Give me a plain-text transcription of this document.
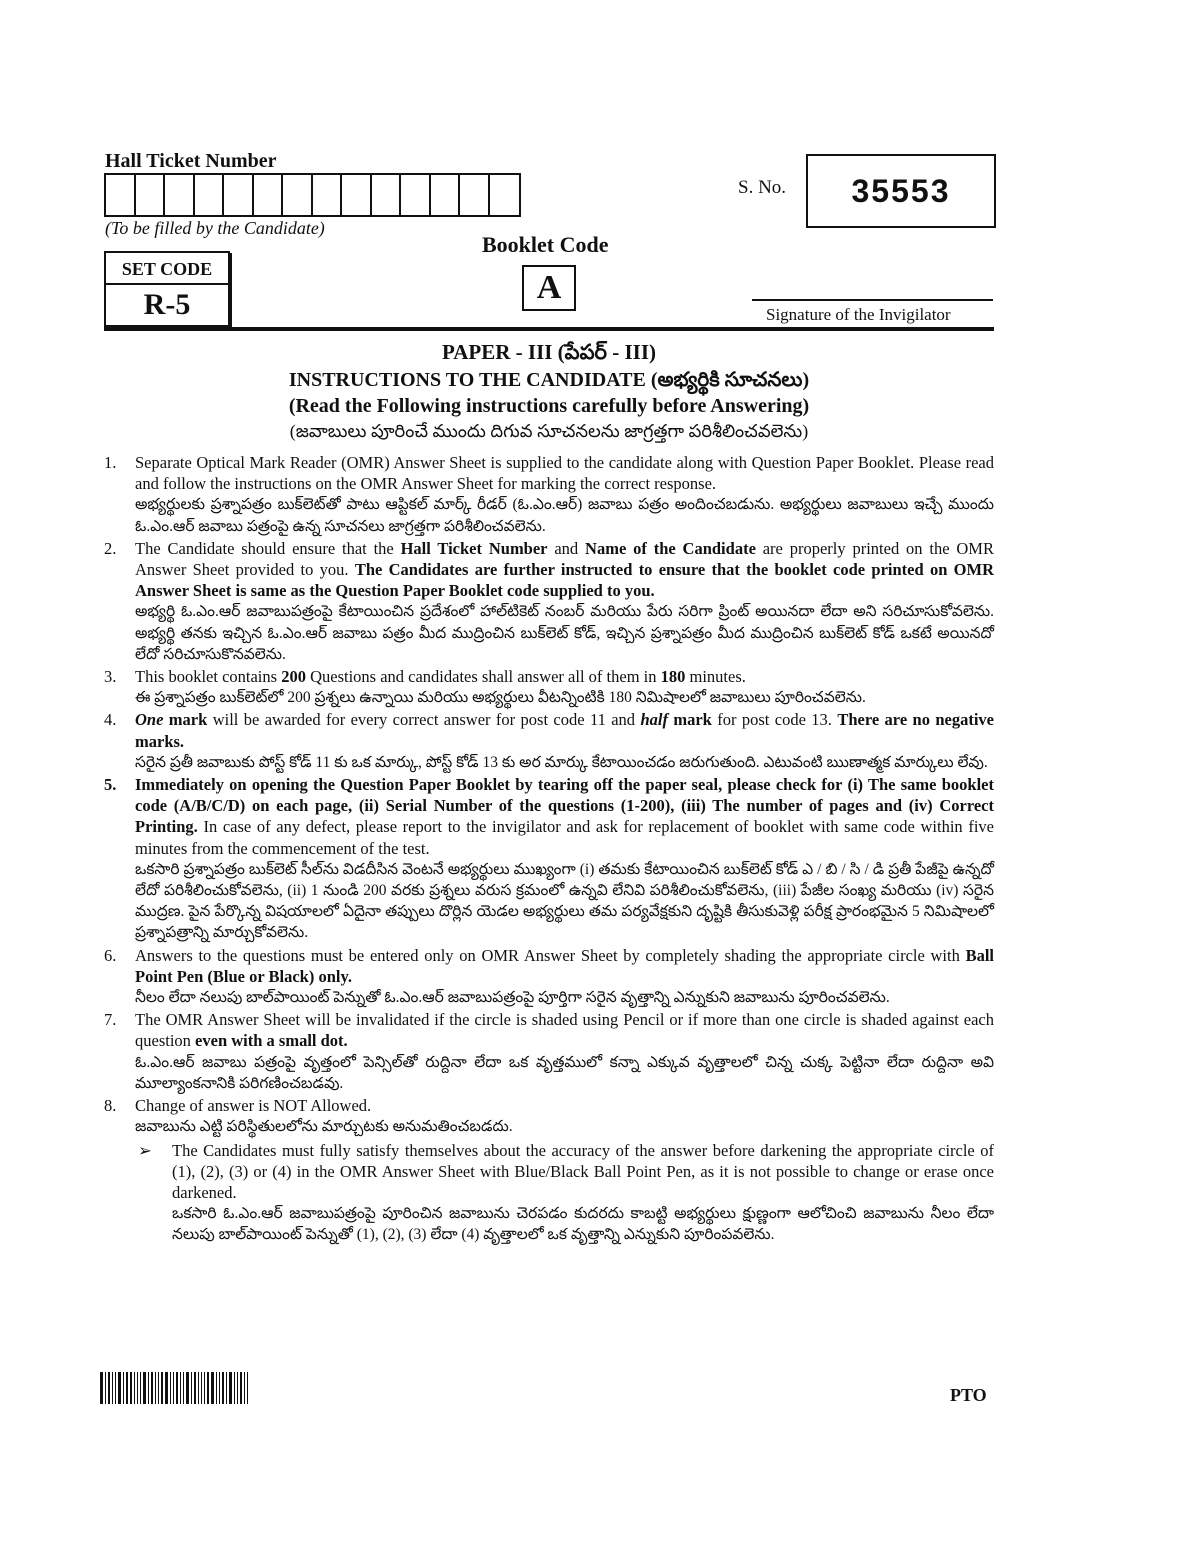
Hall Ticket Number
(To be filled by the Candidate)
S. No.	35553
Booklet Code
A
SET CODE
R-5	Signature of the Invigilator
PAPER - III (పేపర్ - III)
INSTRUCTIONS TO THE CANDIDATE (అభ్యర్థికి సూచనలు)
(Read the Following instructions carefully before Answering)
(జవాబులు పూరించే ముందు దిగువ సూచనలను జాగ్రత్తగా పరిశీలించవలెను)
1.	Separate Optical Mark Reader (OMR) Answer Sheet is supplied to the candidate along with Question Paper Booklet. Please read and follow the instructions on the OMR Answer Sheet for marking the correct response.

అభ్యర్థులకు ప్రశ్నాపత్రం బుక్‌లెట్‌తో పాటు ఆప్టికల్ మార్క్ రీడర్ (ఓ.ఎం.ఆర్) జవాబు పత్రం అందించబడును. అభ్యర్థులు జవాబులు ఇచ్చే ముందు ఓ.ఎం.ఆర్ జవాబు పత్రంపై ఉన్న సూచనలు జాగ్రత్తగా పరిశీలించవలెను.

2.	The Candidate should ensure that the Hall Ticket Number and Name of the Candidate are properly printed on the OMR Answer Sheet provided to you. The Candidates are further instructed to ensure that the booklet code printed on OMR Answer Sheet is same as the Question Paper Booklet code supplied to you.

అభ్యర్థి ఓ.ఎం.ఆర్ జవాబుపత్రంపై కేటాయించిన ప్రదేశంలో హాల్‌టికెట్ నంబర్ మరియు పేరు సరిగా ప్రింట్ అయినదా లేదా అని సరిచూసుకోవలెను. అభ్యర్థి తనకు ఇచ్చిన ఓ.ఎం.ఆర్ జవాబు పత్రం మీద ముద్రించిన బుక్‌లెట్ కోడ్, ఇచ్చిన ప్రశ్నాపత్రం మీద ముద్రించిన బుక్‌లెట్ కోడ్ ఒకటే అయినదో లేదో సరిచూసుకొనవలెను.

3.	This booklet contains 200 Questions and candidates shall answer all of them in 180 minutes.

ఈ ప్రశ్నాపత్రం బుక్‌లెట్‌లో 200 ప్రశ్నలు ఉన్నాయి మరియు అభ్యర్థులు వీటన్నింటికి 180 నిమిషాలలో జవాబులు పూరించవలెను.

4.	One mark will be awarded for every correct answer for post code 11 and half mark for post code 13. There are no negative marks.

సరైన ప్రతీ జవాబుకు పోస్ట్ కోడ్ 11 కు ఒక మార్కు, పోస్ట్ కోడ్ 13 కు అర మార్కు కేటాయించడం జరుగుతుంది. ఎటువంటి ఋణాత్మక మార్కులు లేవు.

5.	Immediately on opening the Question Paper Booklet by tearing off the paper seal, please check for (i) The same booklet code (A/B/C/D) on each page, (ii) Serial Number of the questions (1-200), (iii) The number of pages and (iv) Correct Printing. In case of any defect, please report to the invigilator and ask for replacement of booklet with same code within five minutes from the commencement of the test.

ఒకసారి ప్రశ్నాపత్రం బుక్‌లెట్ సీల్‌ను విడదీసిన వెంటనే అభ్యర్థులు ముఖ్యంగా (i) తమకు కేటాయించిన బుక్‌లెట్ కోడ్ ఎ / బి / సి / డి ప్రతీ పేజీపై ఉన్నదో లేదో పరిశీలించుకోవలెను, (ii) 1 నుండి 200 వరకు ప్రశ్నలు వరుస క్రమంలో ఉన్నవి లేనివి పరిశీలించుకోవలెను, (iii) పేజీల సంఖ్య మరియు (iv) సరైన ముద్రణ. పైన పేర్కొన్న విషయాలలో ఏదైనా తప్పులు దొర్లిన యెడల అభ్యర్థులు తమ పర్యవేక్షకుని దృష్టికి తీసుకువెళ్లి పరీక్ష ప్రారంభమైన 5 నిమిషాలలో ప్రశ్నాపత్రాన్ని మార్చుకోవలెను.

6.	Answers to the questions must be entered only on OMR Answer Sheet by completely shading the appropriate circle with Ball Point Pen (Blue or Black) only.

నీలం లేదా నలుపు బాల్‌పాయింట్ పెన్నుతో ఓ.ఎం.ఆర్ జవాబుపత్రంపై పూర్తిగా సరైన వృత్తాన్ని ఎన్నుకుని జవాబును పూరించవలెను.

7.	The OMR Answer Sheet will be invalidated if the circle is shaded using Pencil or if more than one circle is shaded against each question even with a small dot.

ఓ.ఎం.ఆర్ జవాబు పత్రంపై వృత్తంలో పెన్సిల్‌తో రుద్దినా లేదా ఒక వృత్తములో కన్నా ఎక్కువ వృత్తాలలో చిన్న చుక్క పెట్టినా లేదా రుద్దినా అవి మూల్యాంకనానికి పరిగణించబడవు.

8.	Change of answer is NOT Allowed.

జవాబును ఎట్టి పరిస్థితులలోను మార్చుటకు అనుమతించబడదు.

➢	The Candidates must fully satisfy themselves about the accuracy of the answer before darkening the appropriate circle of (1), (2), (3) or (4) in the OMR Answer Sheet with Blue/Black Ball Point Pen, as it is not possible to change or erase once darkened.

ఒకసారి ఓ.ఎం.ఆర్ జవాబుపత్రంపై పూరించిన జవాబును చెరపడం కుదరదు కాబట్టి అభ్యర్థులు క్షుణ్ణంగా ఆలోచించి జవాబును నీలం లేదా నలుపు బాల్‌పాయింట్ పెన్నుతో (1), (2), (3) లేదా (4) వృత్తాలలో ఒక వృత్తాన్ని ఎన్నుకుని పూరింపవలెను.

PTO
